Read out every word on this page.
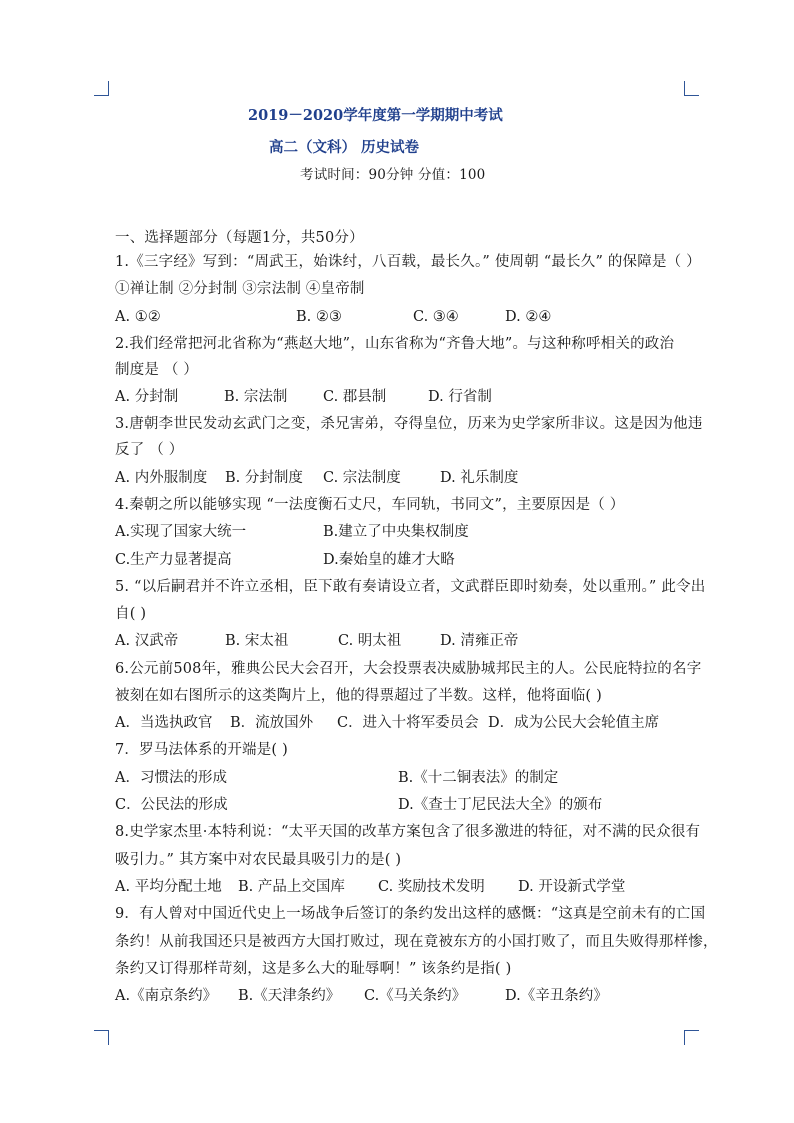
2019－2020学年度第一学期期中考试
高二（文科） 历史试卷
考试时间：90分钟 分值：100
一、选择题部分（每题1分，共50分）
1.《三字经》写到：“周武王，始诛纣，八百载，最长久。” 使周朝 “最长久” 的保障是（ ）
①禅让制 ②分封制 ③宗法制 ④皇帝制
A. ①②	B. ②③	C. ③④	D. ②④
2.我们经常把河北省称为“燕赵大地”，山东省称为“齐鲁大地”。与这种称呼相关的政治
制度是 （ ）
A. 分封制	B. 宗法制 C. 郡县制	D. 行省制
3.唐朝李世民发动玄武门之变，杀兄害弟，夺得皇位，历来为史学家所非议。这是因为他违
反了 （ ）
A. 内外服制度 B. 分封制度 C. 宗法制度	D. 礼乐制度
4.秦朝之所以能够实现 “一法度衡石丈尺，车同轨，书同文”，主要原因是（ ）
A.实现了国家大统一	B.建立了中央集权制度
C.生产力显著提高	D.秦始皇的雄才大略
5. “以后嗣君并不许立丞相，臣下敢有奏请设立者，文武群臣即时劾奏，处以重刑。” 此令出
自( )
A. 汉武帝	B. 宋太祖	C. 明太祖	D. 清雍正帝
6.公元前508年，雅典公民大会召开，大会投票表决威胁城邦民主的人。公民庇特拉的名字
被刻在如右图所示的这类陶片上，他的得票超过了半数。这样，他将面临( )
A．当选执政官 B．流放国外 C．进入十将军委员会 D．成为公民大会轮值主席
7．罗马法体系的开端是( )
A．习惯法的形成	B.《十二铜表法》的制定
C．公民法的形成	D.《查士丁尼民法大全》的颁布
8.史学家杰里·本特利说：“太平天国的改革方案包含了很多激进的特征，对不满的民众很有
吸引力。” 其方案中对农民最具吸引力的是( )
A. 平均分配土地 B. 产品上交国库 C. 奖励技术发明 D. 开设新式学堂
9．有人曾对中国近代史上一场战争后签订的条约发出这样的感慨：“这真是空前未有的亡国
条约！从前我国还只是被西方大国打败过，现在竟被东方的小国打败了，而且失败得那样惨，
条约又订得那样苛刻，这是多么大的耻辱啊！” 该条约是指( )
A.《南京条约》 B.《天津条约》 C.《马关条约》	D.《辛丑条约》
